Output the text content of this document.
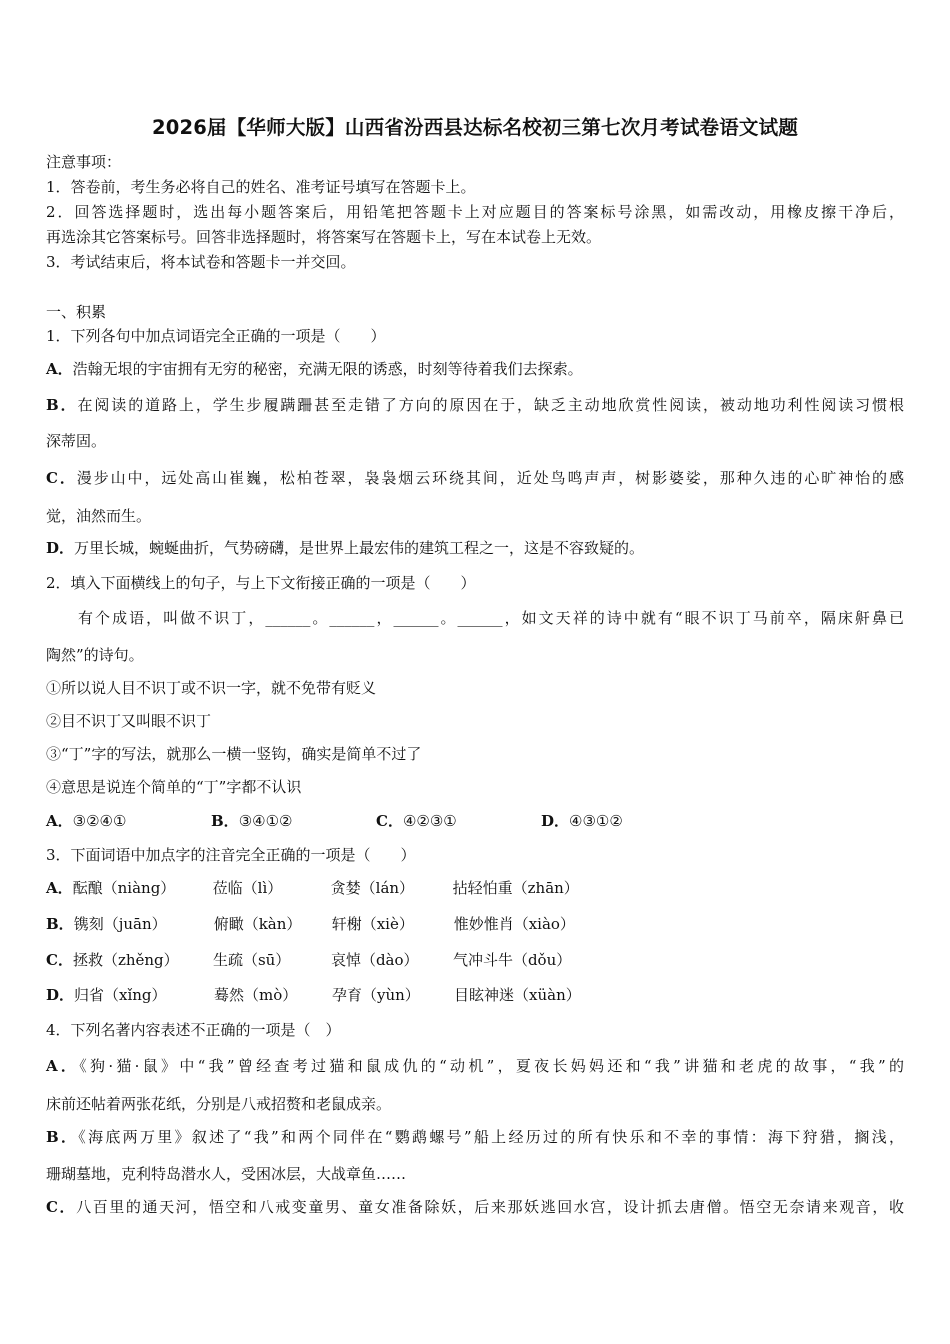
2026届【华师大版】山西省汾西县达标名校初三第七次月考试卷语文试题
注意事项：
1．答卷前，考生务必将自己的姓名、准考证号填写在答题卡上。
2．回答选择题时，选出每小题答案后，用铅笔把答题卡上对应题目的答案标号涂黑，如需改动，用橡皮擦干净后，
再选涂其它答案标号。回答非选择题时，将答案写在答题卡上，写在本试卷上无效。
3．考试结束后，将本试卷和答题卡一并交回。
一、积累
1．下列各句中加点词语完全正确的一项是（　　）
A．浩翰无垠的宇宙拥有无穷的秘密，充满无限的诱惑，时刻等待着我们去探索。
B．在阅读的道路上，学生步履蹒跚甚至走错了方向的原因在于，缺乏主动地欣赏性阅读，被动地功利性阅读习惯根
深蒂固。
C．漫步山中，远处高山崔巍，松柏苍翠，袅袅烟云环绕其间，近处鸟鸣声声，树影婆娑，那种久违的心旷神怡的感
觉，油然而生。
D．万里长城，蜿蜒曲折，气势磅礴，是世界上最宏伟的建筑工程之一，这是不容致疑的。
2．填入下面横线上的句子，与上下文衔接正确的一项是（　　）
有个成语，叫做不识丁，______。______，______。______，如文天祥的诗中就有“眼不识丁马前卒，隔床鼾鼻已
陶然”的诗句。
①所以说人目不识丁或不识一字，就不免带有贬义
②目不识丁又叫眼不识丁
③“丁”字的写法，就那么一横一竖钩，确实是简单不过了
④意思是说连个简单的“丁”字都不认识
A．③②④①	B．③④①②	C．④②③①	D．④③①②
3．下面词语中加点字的注音完全正确的一项是（　　）
A．酝酿（niàng） 莅临（lì）	贪婪（lán）	拈轻怕重（zhān）
B．镌刻（juān）	俯瞰（kàn） 轩榭（xiè）	惟妙惟肖（xiào）
C．拯救（zhěng） 生疏（sū）	哀悼（dào） 气冲斗牛（dǒu）
D．归省（xǐng）	蓦然（mò） 孕育（yùn） 目眩神迷（xüàn）
4．下列名著内容表述不正确的一项是（　）
A．《狗·猫·鼠》中“我”曾经查考过猫和鼠成仇的“动机”，夏夜长妈妈还和“我”讲猫和老虎的故事，“我”的
床前还帖着两张花纸，分别是八戒招赘和老鼠成亲。
B．《海底两万里》叙述了“我”和两个同伴在“鹦鹉螺号”船上经历过的所有快乐和不幸的事情：海下狩猎，搁浅，
珊瑚墓地，克利特岛潜水人，受困冰层，大战章鱼……
C．八百里的通天河，悟空和八戒变童男、童女准备除妖，后来那妖逃回水宫，设计抓去唐僧。悟空无奈请来观音，收
